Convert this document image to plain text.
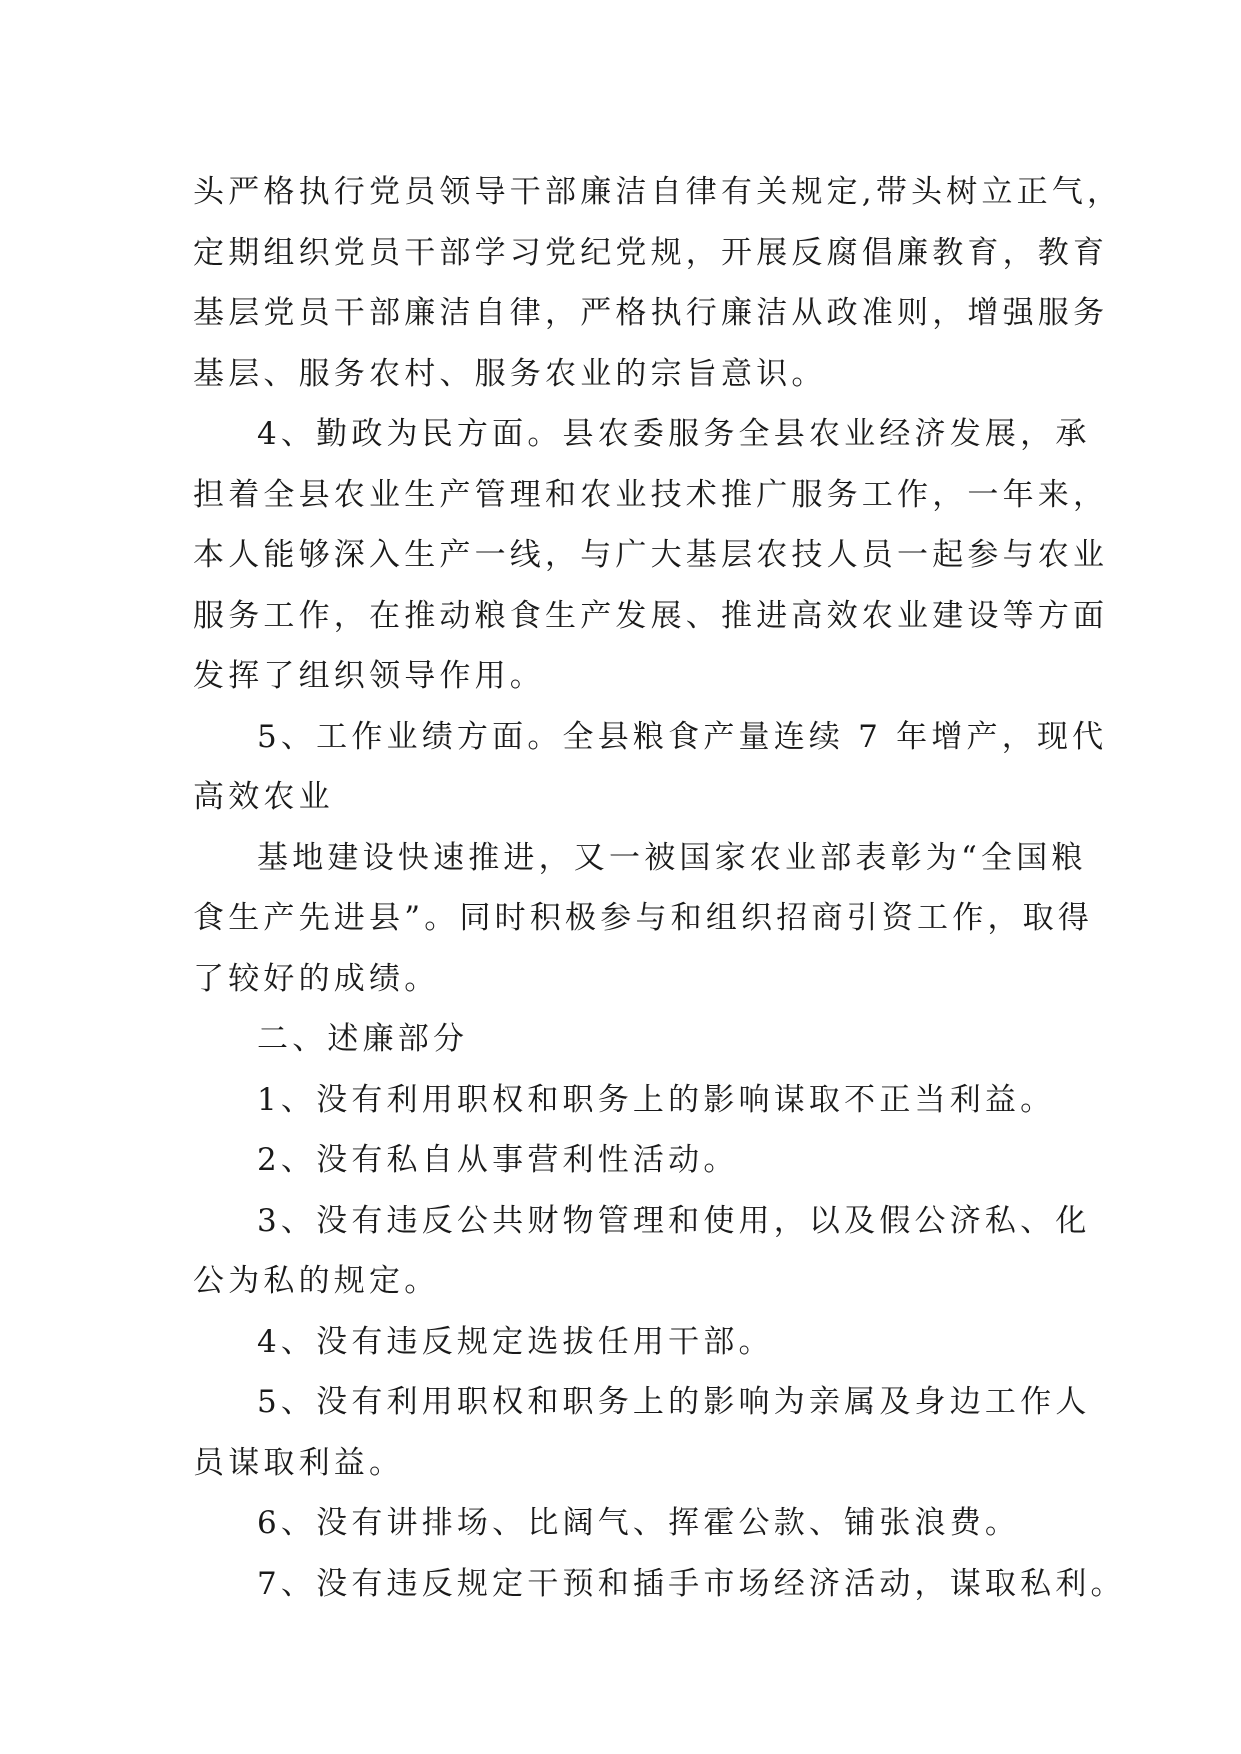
头严格执行党员领导干部廉洁自律有关规定,带头树立正气，
定期组织党员干部学习党纪党规，开展反腐倡廉教育，教育
基层党员干部廉洁自律，严格执行廉洁从政准则，增强服务
基层、服务农村、服务农业的宗旨意识。
4、勤政为民方面。县农委服务全县农业经济发展，承
担着全县农业生产管理和农业技术推广服务工作，一年来，
本人能够深入生产一线，与广大基层农技人员一起参与农业
服务工作，在推动粮食生产发展、推进高效农业建设等方面
发挥了组织领导作用。
5、工作业绩方面。全县粮食产量连续 7 年增产，现代
高效农业
基地建设快速推进，又一被国家农业部表彰为“全国粮
食生产先进县”。同时积极参与和组织招商引资工作，取得
了较好的成绩。
二、述廉部分
1、没有利用职权和职务上的影响谋取不正当利益。
2、没有私自从事营利性活动。
3、没有违反公共财物管理和使用，以及假公济私、化
公为私的规定。
4、没有违反规定选拔任用干部。
5、没有利用职权和职务上的影响为亲属及身边工作人
员谋取利益。
6、没有讲排场、比阔气、挥霍公款、铺张浪费。
7、没有违反规定干预和插手市场经济活动，谋取私利。
